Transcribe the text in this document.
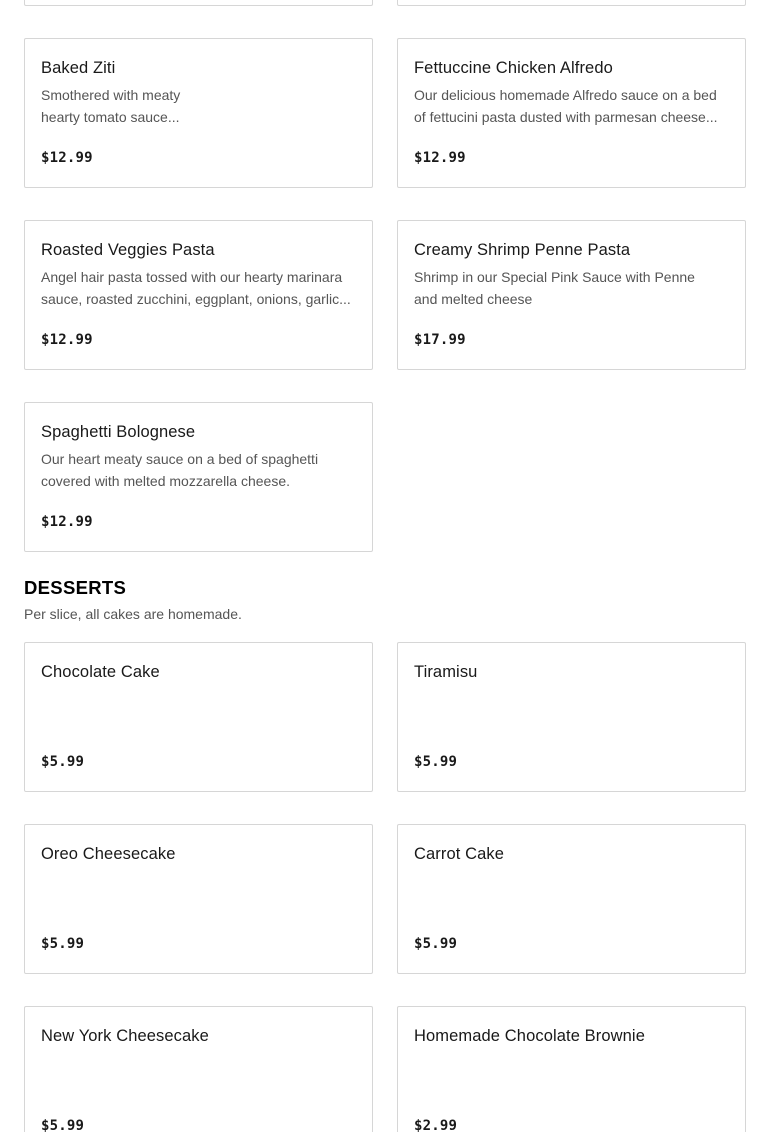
Baked Ziti
Smothered with meaty hearty tomato sauce...
$12.99
Fettuccine Chicken Alfredo
Our delicious homemade Alfredo sauce on a bed of fettucini pasta dusted with parmesan cheese...
$12.99
Roasted Veggies Pasta
Angel hair pasta tossed with our hearty marinara sauce, roasted zucchini, eggplant, onions, garlic...
$12.99
Creamy Shrimp Penne Pasta
Shrimp in our Special Pink Sauce with Penne and melted cheese
$17.99
Spaghetti Bolognese
Our heart meaty sauce on a bed of spaghetti covered with melted mozzarella cheese.
$12.99
DESSERTS
Per slice, all cakes are homemade.
Chocolate Cake
$5.99
Tiramisu
$5.99
Oreo Cheesecake
$5.99
Carrot Cake
$5.99
New York Cheesecake
$5.99
Homemade Chocolate Brownie
$2.99
